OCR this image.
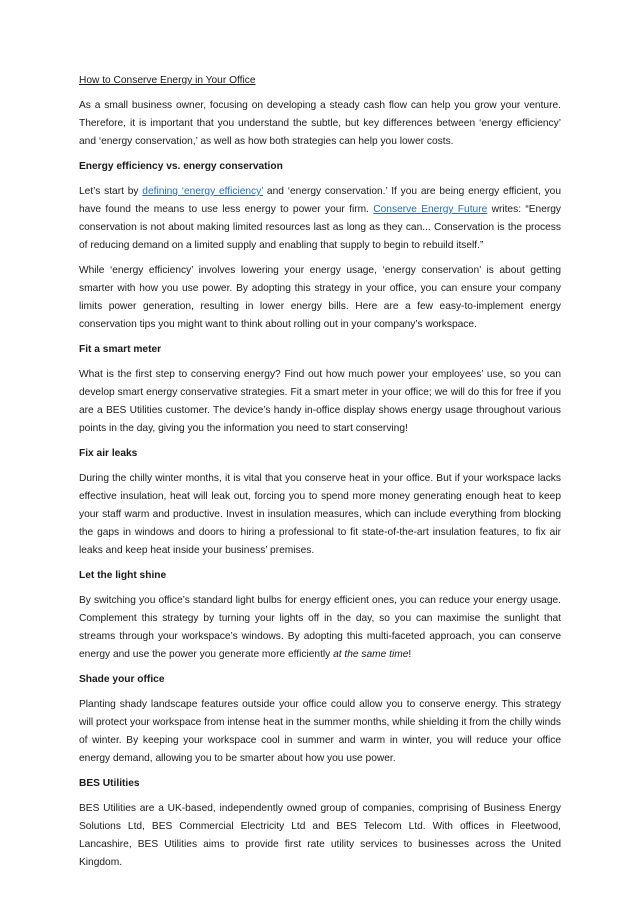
How to Conserve Energy in Your Office

As a small business owner, focusing on developing a steady cash flow can help you grow your venture. Therefore, it is important that you understand the subtle, but key differences between ‘energy efficiency’ and ‘energy conservation,’ as well as how both strategies can help you lower costs.

Energy efficiency vs. energy conservation

Let’s start by defining ‘energy efficiency’ and ‘energy conservation.’ If you are being energy efficient, you have found the means to use less energy to power your firm. Conserve Energy Future writes: “Energy conservation is not about making limited resources last as long as they can... Conservation is the process of reducing demand on a limited supply and enabling that supply to begin to rebuild itself.”

While ‘energy efficiency’ involves lowering your energy usage, ‘energy conservation’ is about getting smarter with how you use power. By adopting this strategy in your office, you can ensure your company limits power generation, resulting in lower energy bills. Here are a few easy-to-implement energy conservation tips you might want to think about rolling out in your company’s workspace.

Fit a smart meter

What is the first step to conserving energy? Find out how much power your employees’ use, so you can develop smart energy conservative strategies. Fit a smart meter in your office; we will do this for free if you are a BES Utilities customer. The device’s handy in-office display shows energy usage throughout various points in the day, giving you the information you need to start conserving!

Fix air leaks

During the chilly winter months, it is vital that you conserve heat in your office. But if your workspace lacks effective insulation, heat will leak out, forcing you to spend more money generating enough heat to keep your staff warm and productive. Invest in insulation measures, which can include everything from blocking the gaps in windows and doors to hiring a professional to fit state-of-the-art insulation features, to fix air leaks and keep heat inside your business’ premises.

Let the light shine

By switching you office’s standard light bulbs for energy efficient ones, you can reduce your energy usage. Complement this strategy by turning your lights off in the day, so you can maximise the sunlight that streams through your workspace’s windows. By adopting this multi-faceted approach, you can conserve energy and use the power you generate more efficiently at the same time!

Shade your office

Planting shady landscape features outside your office could allow you to conserve energy. This strategy will protect your workspace from intense heat in the summer months, while shielding it from the chilly winds of winter. By keeping your workspace cool in summer and warm in winter, you will reduce your office energy demand, allowing you to be smarter about how you use power.

BES Utilities

BES Utilities are a UK-based, independently owned group of companies, comprising of Business Energy Solutions Ltd, BES Commercial Electricity Ltd and BES Telecom Ltd. With offices in Fleetwood, Lancashire, BES Utilities aims to provide first rate utility services to businesses across the United Kingdom.
